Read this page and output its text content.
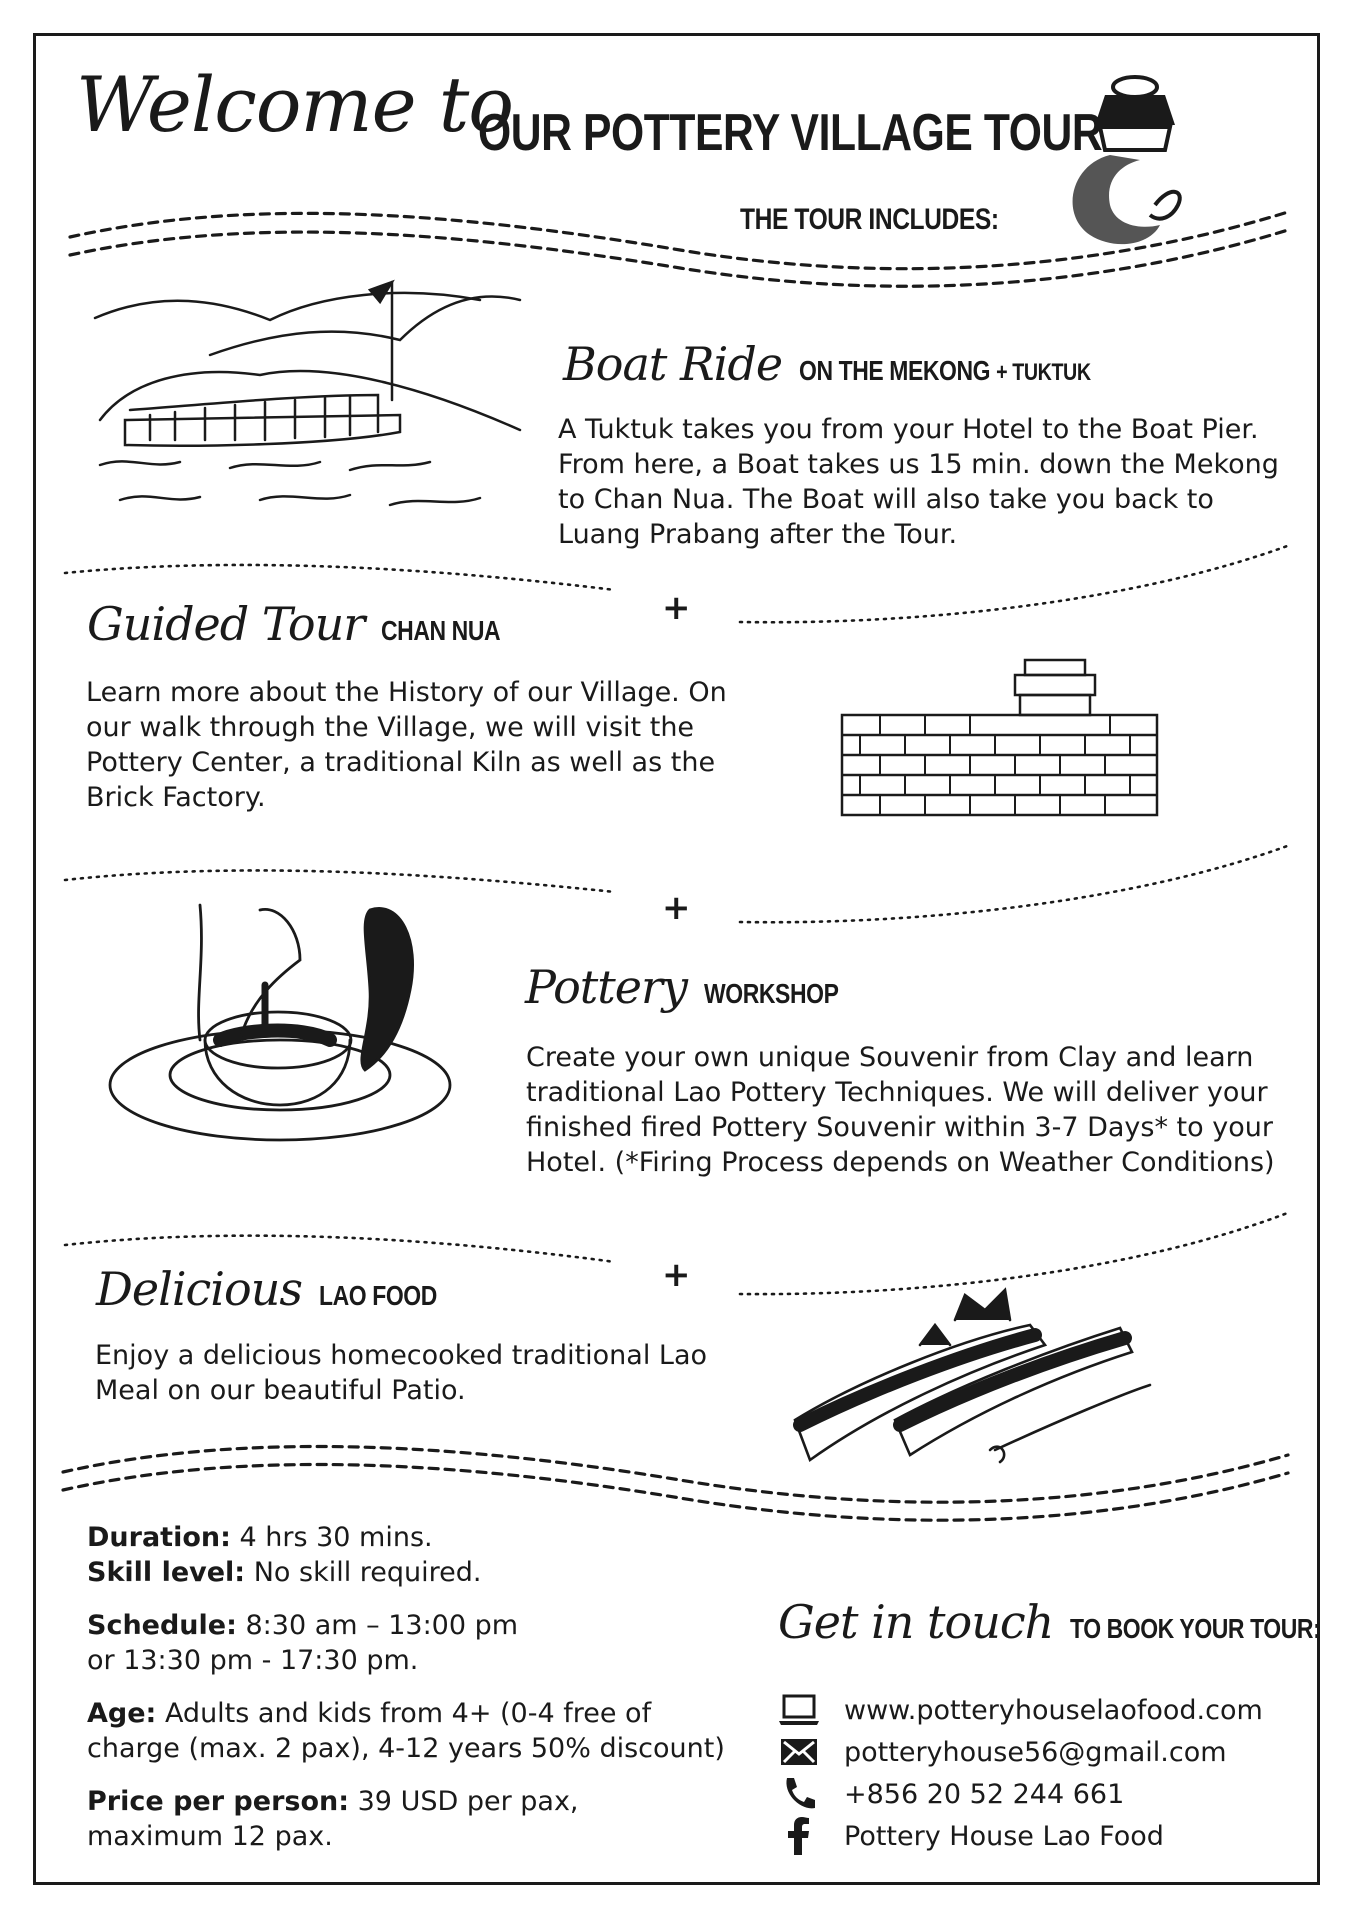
Welcome to
OUR POTTERY VILLAGE TOUR
THE TOUR INCLUDES:
Boat Ride ON THE MEKONG + TUKTUK
A Tuktuk takes you from your Hotel to the Boat Pier. From here, a Boat takes us 15 min. down the Mekong to Chan Nua. The Boat will also take you back to Luang Prabang after the Tour.
+
Guided Tour CHAN NUA
Learn more about the History of our Village. On our walk through the Village, we will visit the Pottery Center, a traditional Kiln as well as the Brick Factory.
+
Pottery WORKSHOP
Create your own unique Souvenir from Clay and learn traditional Lao Pottery Techniques. We will deliver your finished fired Pottery Souvenir within 3-7 Days* to your Hotel. (*Firing Process depends on Weather Conditions)
+
Delicious LAO FOOD
Enjoy a delicious homecooked traditional Lao Meal on our beautiful Patio.

Duration: 4 hrs 30 mins.

Skill level: No skill required.

Schedule: 8:30 am – 13:00 pm

or 13:30 pm - 17:30 pm.

Age: Adults and kids from 4+ (0-4 free of

charge (max. 2 pax), 4-12 years 50% discount)

Price per person: 39 USD per pax,

maximum 12 pax.

Get in touch TO BOOK YOUR TOUR:
www.potteryhouselaofood.com
potteryhouse56@gmail.com
+856 20 52 244 661
Pottery House Lao Food
